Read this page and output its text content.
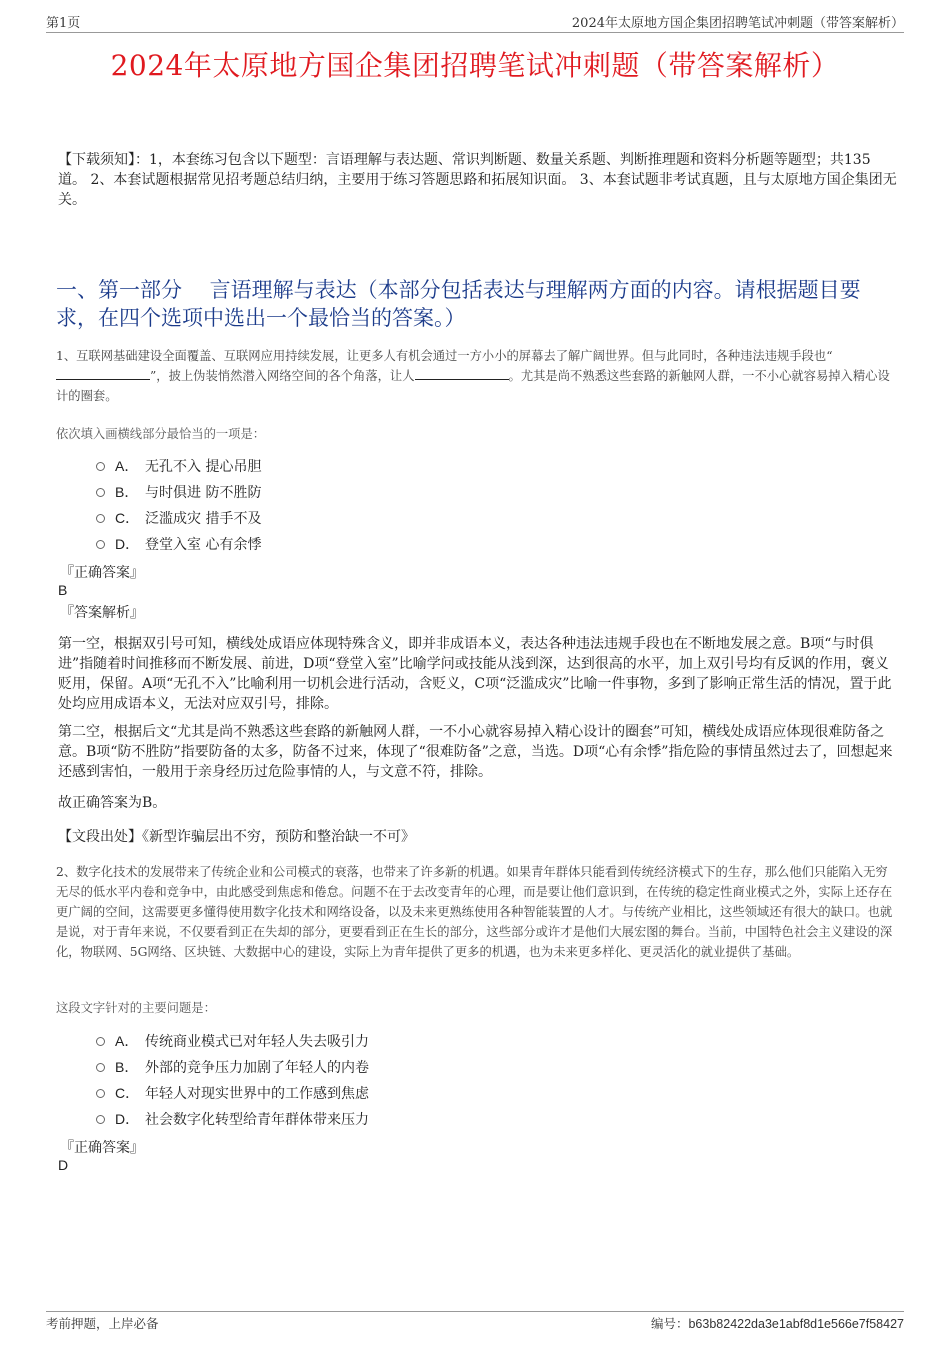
第1页	2024年太原地方国企集团招聘笔试冲刺题（带答案解析）
2024年太原地方国企集团招聘笔试冲刺题（带答案解析）
【下载须知】：1，本套练习包含以下题型：言语理解与表达题、常识判断题、数量关系题、判断推理题和资料分析题等题型；共135道。 2、本套试题根据常见招考题总结归纳，主要用于练习答题思路和拓展知识面。 3、本套试题非考试真题，且与太原地方国企集团无关。
一、第一部分　 言语理解与表达（本部分包括表达与理解两方面的内容。请根据题目要求，在四个选项中选出一个最恰当的答案。）
1、互联网基础建设全面覆盖、互联网应用持续发展，让更多人有机会通过一方小小的屏幕去了解广阔世界。但与此同时，各种违法违规手段也“”，披上伪装悄然潜入网络空间的各个角落，让人	。尤其是尚不熟悉这些套路的新触网人群，一不小心就容易掉入精心设计的圈套。
依次填入画横线部分最恰当的一项是：
A． 无孔不入 提心吊胆
B． 与时俱进 防不胜防
C． 泛滥成灾 措手不及
D． 登堂入室 心有余悸
『正确答案』
B
『答案解析』
第一空，根据双引号可知，横线处成语应体现特殊含义，即并非成语本义，表达各种违法违规手段也在不断地发展之意。B项“与时俱进”指随着时间推移而不断发展、前进，D项“登堂入室”比喻学问或技能从浅到深，达到很高的水平，加上双引号均有反讽的作用，褒义贬用，保留。A项“无孔不入”比喻利用一切机会进行活动，含贬义，C项“泛滥成灾”比喻一件事物，多到了影响正常生活的情况，置于此处均应用成语本义，无法对应双引号，排除。
第二空，根据后文“尤其是尚不熟悉这些套路的新触网人群，一不小心就容易掉入精心设计的圈套”可知，横线处成语应体现很难防备之意。B项“防不胜防”指要防备的太多，防备不过来，体现了“很难防备”之意，当选。D项“心有余悸”指危险的事情虽然过去了，回想起来还感到害怕，一般用于亲身经历过危险事情的人，与文意不符，排除。
故正确答案为B。
【文段出处】《新型诈骗层出不穷，预防和整治缺一不可》
2、数字化技术的发展带来了传统企业和公司模式的衰落，也带来了许多新的机遇。如果青年群体只能看到传统经济模式下的生存，那么他们只能陷入无穷无尽的低水平内卷和竞争中，由此感受到焦虑和倦怠。问题不在于去改变青年的心理，而是要让他们意识到，在传统的稳定性商业模式之外，实际上还存在更广阔的空间，这需要更多懂得使用数字化技术和网络设备，以及未来更熟练使用各种智能装置的人才。与传统产业相比，这些领域还有很大的缺口。也就是说，对于青年来说，不仅要看到正在失却的部分，更要看到正在生长的部分，这些部分或许才是他们大展宏图的舞台。当前，中国特色社会主义建设的深化，物联网、5G网络、区块链、大数据中心的建设，实际上为青年提供了更多的机遇，也为未来更多样化、更灵活化的就业提供了基础。
这段文字针对的主要问题是：
A． 传统商业模式已对年轻人失去吸引力
B． 外部的竞争压力加剧了年轻人的内卷
C． 年轻人对现实世界中的工作感到焦虑
D． 社会数字化转型给青年群体带来压力
『正确答案』
D
考前押题，上岸必备	编号：b63b82422da3e1abf8d1e566e7f58427
